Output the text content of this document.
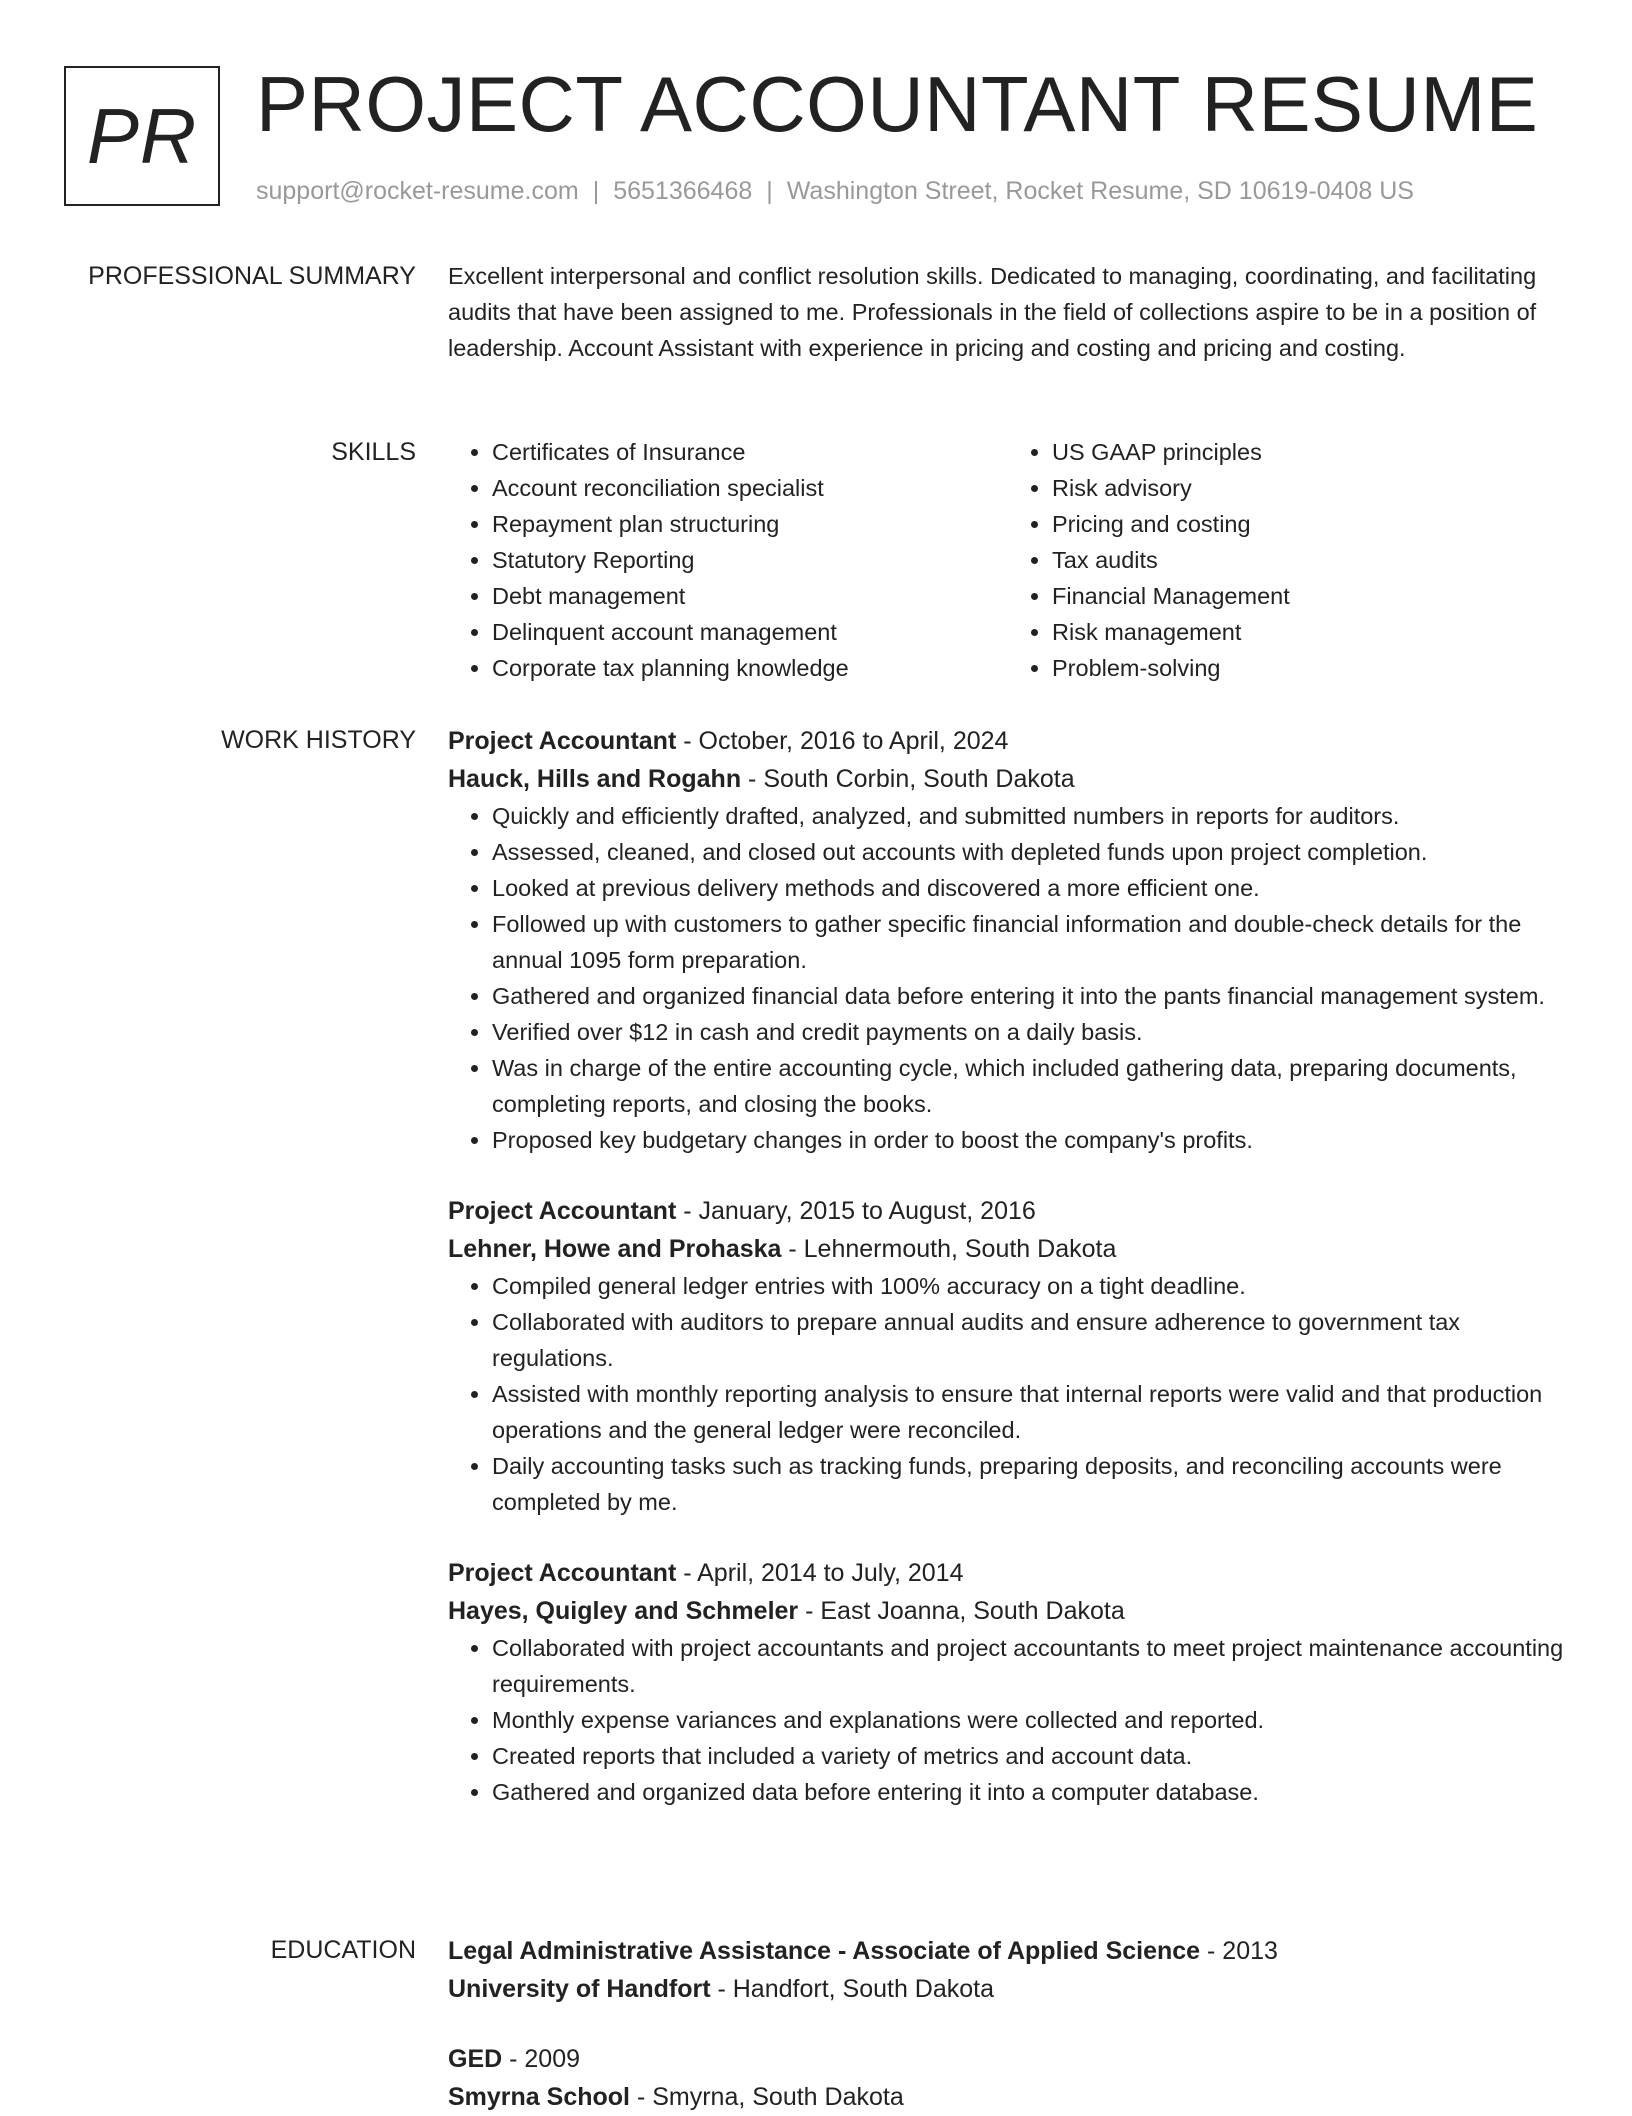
PR PROJECT ACCOUNTANT RESUME
support@rocket-resume.com | 5651366468 | Washington Street, Rocket Resume, SD 10619-0408 US
PROFESSIONAL SUMMARY Excellent interpersonal and conflict resolution skills. Dedicated to managing, coordinating, and facilitating audits that have been assigned to me. Professionals in the field of collections aspire to be in a position of leadership. Account Assistant with experience in pricing and costing and pricing and costing.

SKILLS
•	Certificates of Insurance
• Account reconciliation specialist
• Repayment plan structuring
• Statutory Reporting
• Debt management
• Delinquent account management
• Corporate tax planning knowledge
• US GAAP principles
• Risk advisory
• Pricing and costing
• Tax audits
• Financial Management
• Risk management
• Problem-solving
WORK HISTORY Project Accountant - October, 2016 to April, 2024
Hauck, Hills and Rogahn - South Corbin, South Dakota
• Quickly and efficiently drafted, analyzed, and submitted numbers in reports for auditors.
• Assessed, cleaned, and closed out accounts with depleted funds upon project completion.
• Looked at previous delivery methods and discovered a more efficient one.
• Followed up with customers to gather specific financial information and double-check details for the annual 1095 form preparation.
• Gathered and organized financial data before entering it into the pants financial management system.
• Verified over $12 in cash and credit payments on a daily basis.
• Was in charge of the entire accounting cycle, which included gathering data, preparing documents, completing reports, and closing the books.
• Proposed key budgetary changes in order to boost the company's profits.
Project Accountant - January, 2015 to August, 2016
Lehner, Howe and Prohaska - Lehnermouth, South Dakota
• Compiled general ledger entries with 100% accuracy on a tight deadline.
• Collaborated with auditors to prepare annual audits and ensure adherence to government tax regulations.
• Assisted with monthly reporting analysis to ensure that internal reports were valid and that production operations and the general ledger were reconciled.
• Daily accounting tasks such as tracking funds, preparing deposits, and reconciling accounts were completed by me.
Project Accountant - April, 2014 to July, 2014
Hayes, Quigley and Schmeler - East Joanna, South Dakota
• Collaborated with project accountants and project accountants to meet project maintenance accounting requirements.
• Monthly expense variances and explanations were collected and reported.
• Created reports that included a variety of metrics and account data.
• Gathered and organized data before entering it into a computer database.
EDUCATION Legal Administrative Assistance - Associate of Applied Science - 2013
University of Handfort - Handfort, South Dakota
GED - 2009
Smyrna School - Smyrna, South Dakota
